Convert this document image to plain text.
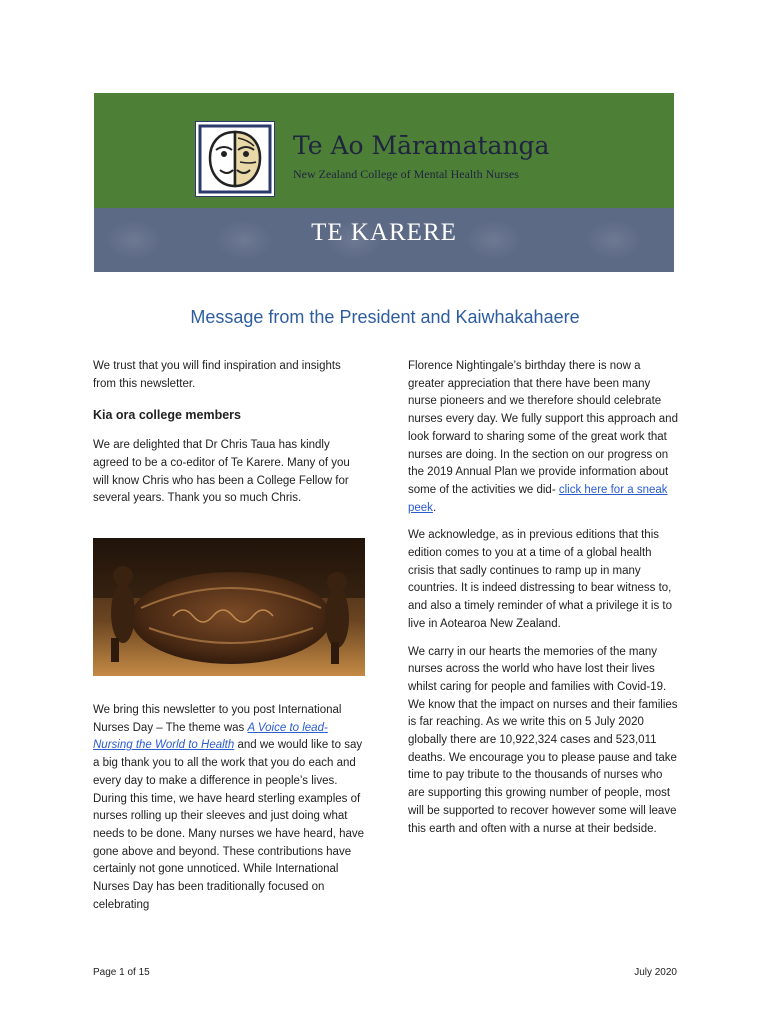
Te Ao Māramatanga
New Zealand College of Mental Health Nurses
TE KARERE
Message from the President and Kaiwhakahaere

We trust that you will find inspiration and insights from this newsletter.

Kia ora college members

We are delighted that Dr Chris Taua has kindly agreed to be a co-editor of Te Karere. Many of you will know Chris who has been a College Fellow for several years. Thank you so much Chris.

We bring this newsletter to you post International Nurses Day – The theme was A Voice to lead- Nursing the World to Health and we would like to say a big thank you to all the work that you do each and every day to make a difference in people’s lives. During this time, we have heard sterling examples of nurses rolling up their sleeves and just doing what needs to be done. Many nurses we have heard, have gone above and beyond. These contributions have certainly not gone unnoticed. While International Nurses Day has been traditionally focused on celebrating

Florence Nightingale’s birthday there is now a greater appreciation that there have been many nurse pioneers and we therefore should celebrate nurses every day. We fully support this approach and look forward to sharing some of the great work that nurses are doing. In the section on our progress on the 2019 Annual Plan we provide information about some of the activities we did- click here for a sneak peek.

We acknowledge, as in previous editions that this edition comes to you at a time of a global health crisis that sadly continues to ramp up in many countries. It is indeed distressing to bear witness to, and also a timely reminder of what a privilege it is to live in Aotearoa New Zealand.

We carry in our hearts the memories of the many nurses across the world who have lost their lives whilst caring for people and families with Covid-19. We know that the impact on nurses and their families is far reaching. As we write this on 5 July 2020 globally there are 10,922,324 cases and 523,011 deaths. We encourage you to please pause and take time to pay tribute to the thousands of nurses who are supporting this growing number of people, most will be supported to recover however some will leave this earth and often with a nurse at their bedside.

Page 1 of 15	July 2020
